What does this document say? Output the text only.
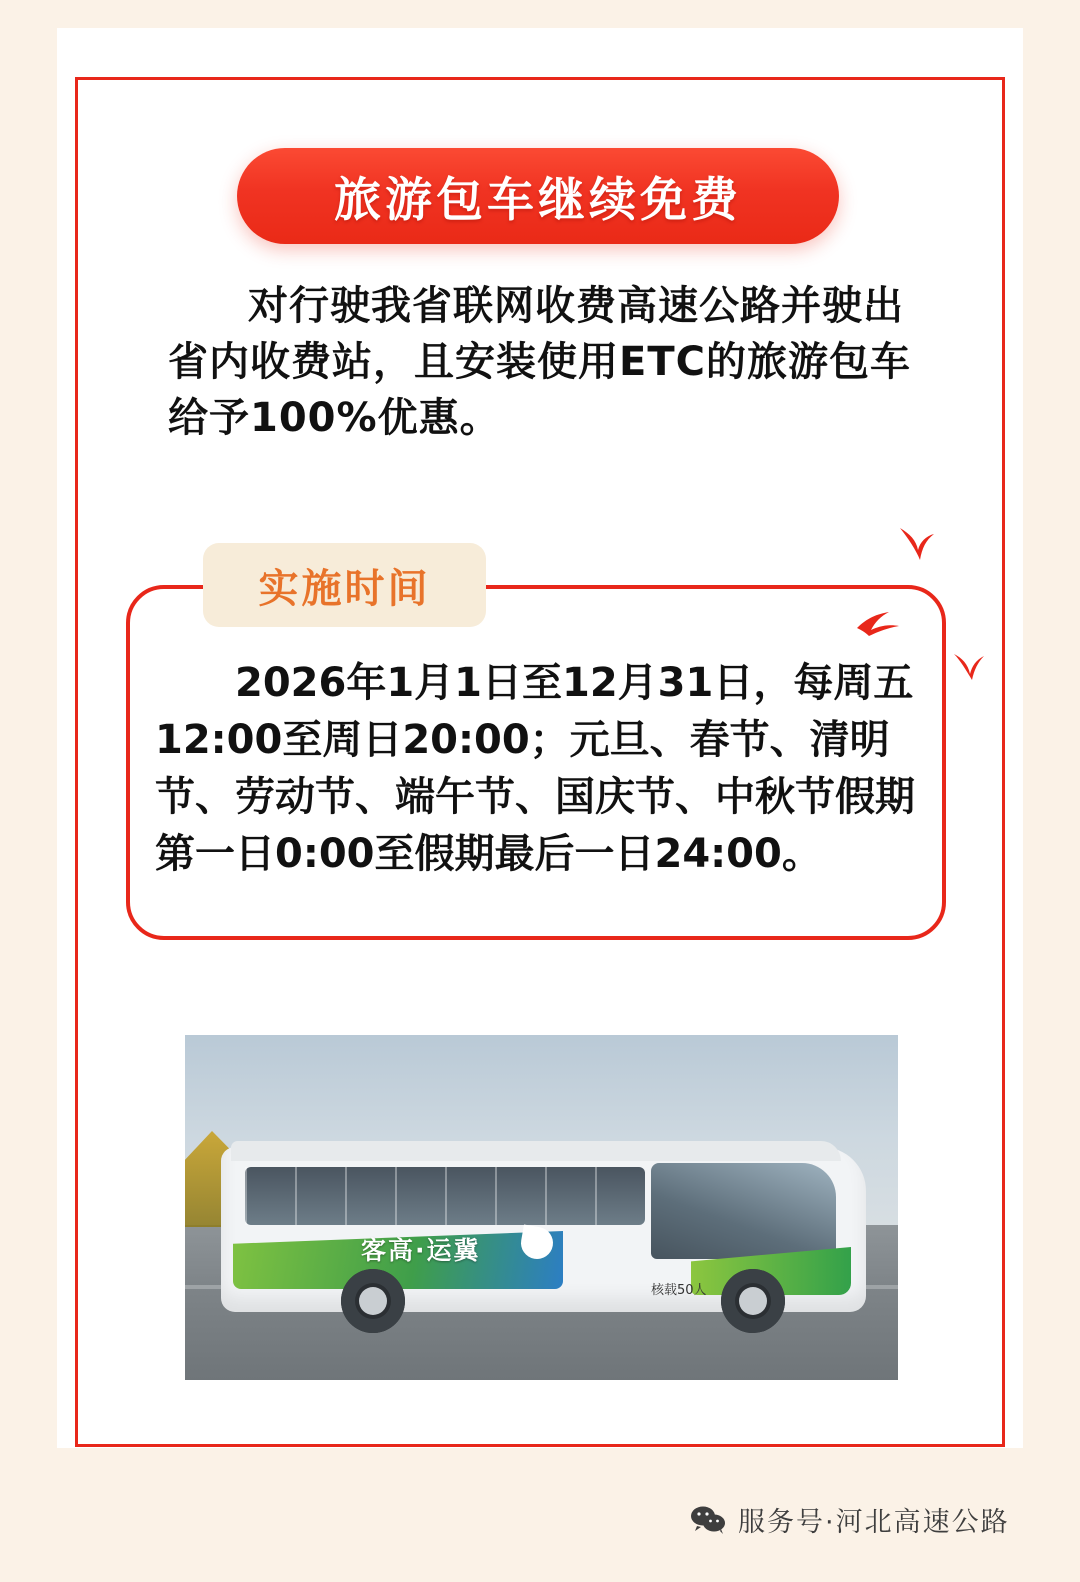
旅游包车继续免费
对行驶我省联网收费高速公路并驶出省内收费站，且安装使用ETC的旅游包车给予100%优惠。
实施时间
2026年1月1日至12月31日，每周五12:00至周日20:00；元旦、春节、清明节、劳动节、端午节、国庆节、中秋节假期第一日0:00至假期最后一日24:00。
客高·运冀
核载50人
服务号·河北高速公路
